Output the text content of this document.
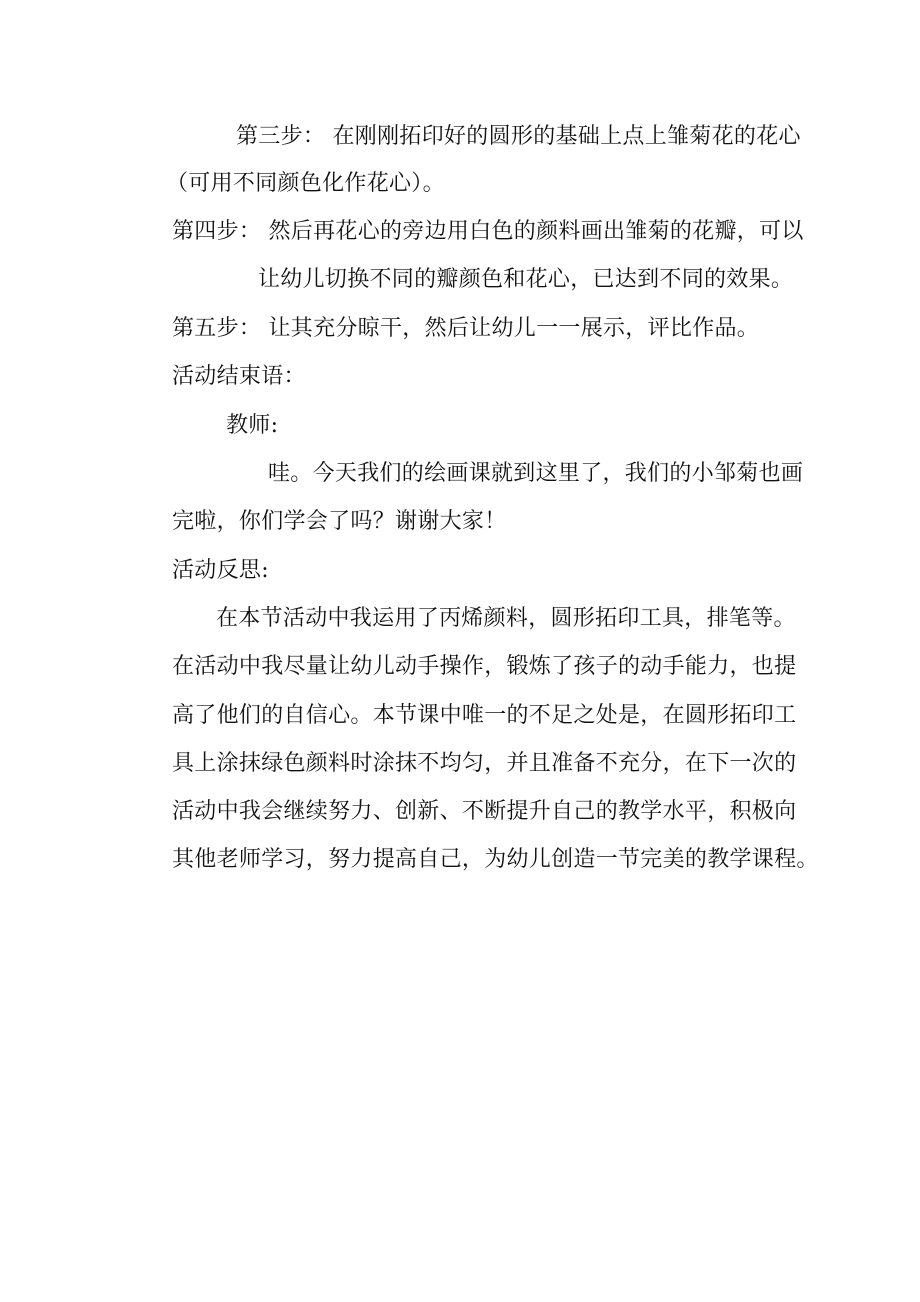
第三步： 在刚刚拓印好的圆形的基础上点上雏菊花的花心
（可用不同颜色化作花心）。
第四步： 然后再花心的旁边用白色的颜料画出雏菊的花瓣，可以
让幼儿切换不同的瓣颜色和花心，已达到不同的效果。
第五步： 让其充分晾干，然后让幼儿一一展示，评比作品。
活动结束语：
教师:
哇。今天我们的绘画课就到这里了，我们的小邹菊也画
完啦，你们学会了吗？谢谢大家！
活动反思:
在本节活动中我运用了丙烯颜料，圆形拓印工具，排笔等。
在活动中我尽量让幼儿动手操作，锻炼了孩子的动手能力，也提
高了他们的自信心。本节课中唯一的不足之处是，在圆形拓印工
具上涂抹绿色颜料时涂抹不均匀，并且准备不充分，在下一次的
活动中我会继续努力、创新、不断提升自己的教学水平，积极向
其他老师学习，努力提高自己，为幼儿创造一节完美的教学课程。
